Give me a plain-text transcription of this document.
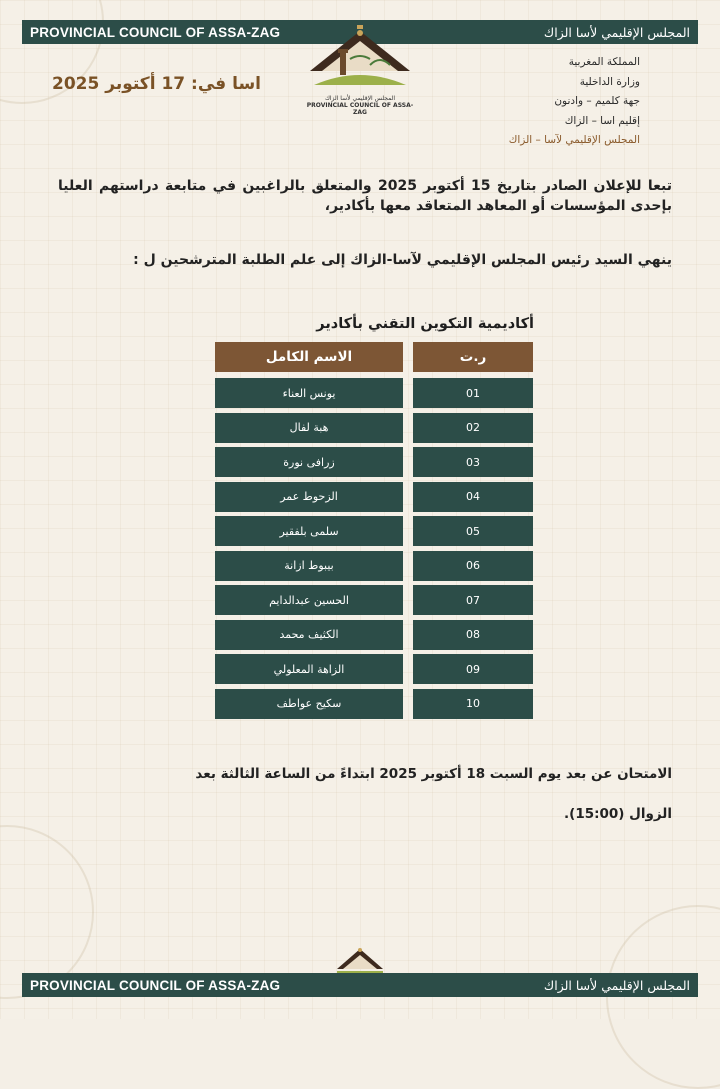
PROVINCIAL COUNCIL OF ASSA-ZAG	المجلس الإقليمي لأسا الزاك
المجلس الإقليمي لأسا الزاك
PROVINCIAL COUNCIL OF ASSA-ZAG
اسا في: 17 أكتوبر 2025
المملكة المغربية
وزارة الداخلية
جهة كلميم – وادنون
إقليم اسا – الزاك
المجلس الإقليمي لآسا – الزاك
تبعا للإعلان الصادر بتاريخ 15 أكتوبر 2025 والمتعلق بالراغبين في متابعة دراستهم العليا بإحدى المؤسسات أو المعاهد المتعاقد معها بأكادير،
ينهي السيد رئيس المجلس الإقليمي لآسا-الزاك إلى علم الطلبة المترشحين ل :
أكاديمية التكوين التقني بأكادير
ر.ت
الاسم الكامل
01
يونس العناء
02
هبة لفال
03
زرافى نورة
04
الزحوط عمر
05
سلمى بلفقير
06
بيبوط ازانة
07
الحسين عبدالدايم
08
الكثيف محمد
09
الزاهة المعلولي
10
سكيح عواطف
الامتحان عن بعد يوم السبت 18 أكتوبر 2025 ابتداءً من الساعة الثالثة بعد
الزوال (15:00).
PROVINCIAL COUNCIL OF ASSA-ZAG	المجلس الإقليمي لأسا الزاك
